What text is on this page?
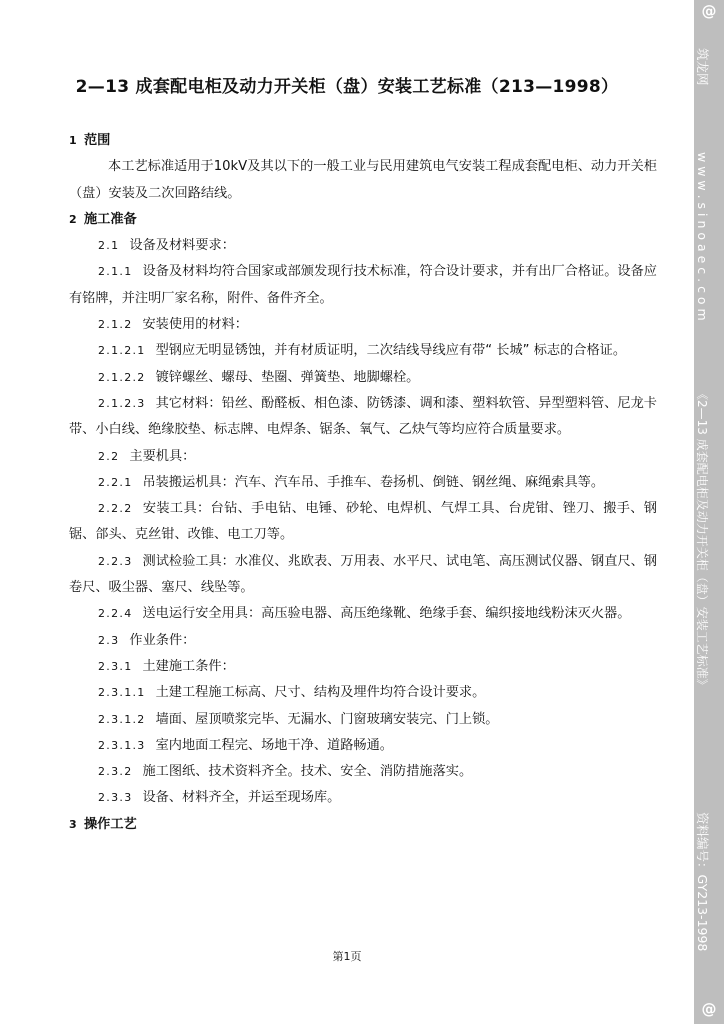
2—13 成套配电柜及动力开关柜（盘）安装工艺标准（213—1998）

1 范围

本工艺标准适用于10kV及其以下的一般工业与民用建筑电气安装工程成套配电柜、动力开关柜（盘）安装及二次回路结线。

2 施工准备

2.1 设备及材料要求：

2.1.1 设备及材料均符合国家或部颁发现行技术标准，符合设计要求，并有出厂合格证。设备应有铭牌，并注明厂家名称，附件、备件齐全。

2.1.2 安装使用的材料：

2.1.2.1 型钢应无明显锈蚀，并有材质证明，二次结线导线应有带“ 长城” 标志的合格证。

2.1.2.2 镀锌螺丝、螺母、垫圈、弹簧垫、地脚螺栓。

2.1.2.3 其它材料：铅丝、酚醛板、相色漆、防锈漆、调和漆、塑料软管、异型塑料管、尼龙卡带、小白线、绝缘胶垫、标志牌、电焊条、锯条、氧气、乙炔气等均应符合质量要求。

2.2 主要机具：

2.2.1 吊装搬运机具：汽车、汽车吊、手推车、卷扬机、倒链、钢丝绳、麻绳索具等。

2.2.2 安装工具：台钻、手电钻、电锤、砂轮、电焊机、气焊工具、台虎钳、锉刀、搬手、钢锯、郃头、克丝钳、改锥、电工刀等。

2.2.3 测试检验工具：水准仪、兆欧表、万用表、水平尺、试电笔、高压测试仪器、钢直尺、钢卷尺、吸尘器、塞尺、线坠等。

2.2.4 送电运行安全用具：高压验电器、高压绝缘靴、绝缘手套、编织接地线粉沫灭火器。

2.3 作业条件：

2.3.1 土建施工条件：

2.3.1.1 土建工程施工标高、尺寸、结构及埋件均符合设计要求。

2.3.1.2 墙面、屋顶喷浆完毕、无漏水、门窗玻璃安装完、门上锁。

2.3.1.3 室内地面工程完、场地干净、道路畅通。

2.3.2 施工图纸、技术资料齐全。技术、安全、消防措施落实。

2.3.3 设备、材料齐全，并运至现场库。

3 操作工艺

第1页
@
筑龙网
w w w . s i n o a e c . c o m
《2—13 成套配电柜及动力开关柜（盘）安装工艺标准》
资料编号：GY213-1998
@
